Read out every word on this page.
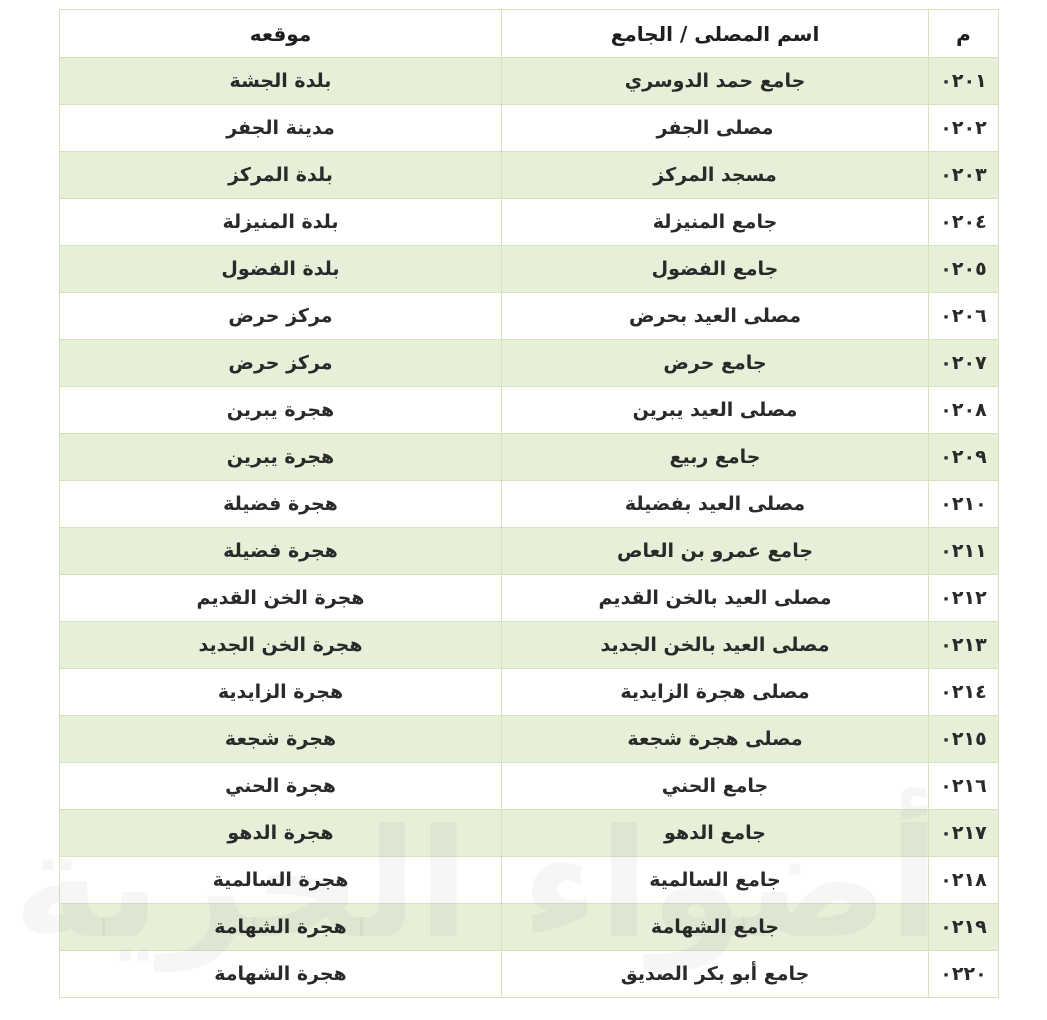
م	اسم المصلى / الجامع	موقعه
٠٢٠١	جامع حمد الدوسري	بلدة الجشة
٠٢٠٢	مصلى الجفر	مدينة الجفر
٠٢٠٣	مسجد المركز	بلدة المركز
٠٢٠٤	جامع المنيزلة	بلدة المنيزلة
٠٢٠٥	جامع الفضول	بلدة الفضول
٠٢٠٦	مصلى العيد بحرض	مركز حرض
٠٢٠٧	جامع حرض	مركز حرض
٠٢٠٨	مصلى العيد يبرين	هجرة يبرين
٠٢٠٩	جامع ربيع	هجرة يبرين
٠٢١٠	مصلى العيد بفضيلة	هجرة فضيلة
٠٢١١	جامع عمرو بن العاص	هجرة فضيلة
٠٢١٢	مصلى العيد بالخن القديم	هجرة الخن القديم
٠٢١٣	مصلى العيد بالخن الجديد	هجرة الخن الجديد
٠٢١٤	مصلى هجرة الزايدية	هجرة الزايدية
٠٢١٥	مصلى هجرة شجعة	هجرة شجعة
٠٢١٦	جامع الحني	هجرة الحني
٠٢١٧	جامع الدهو	هجرة الدهو
٠٢١٨	جامع السالمية	هجرة السالمية
٠٢١٩	جامع الشهامة	هجرة الشهامة
٠٢٢٠	جامع أبو بكر الصديق	هجرة الشهامة
